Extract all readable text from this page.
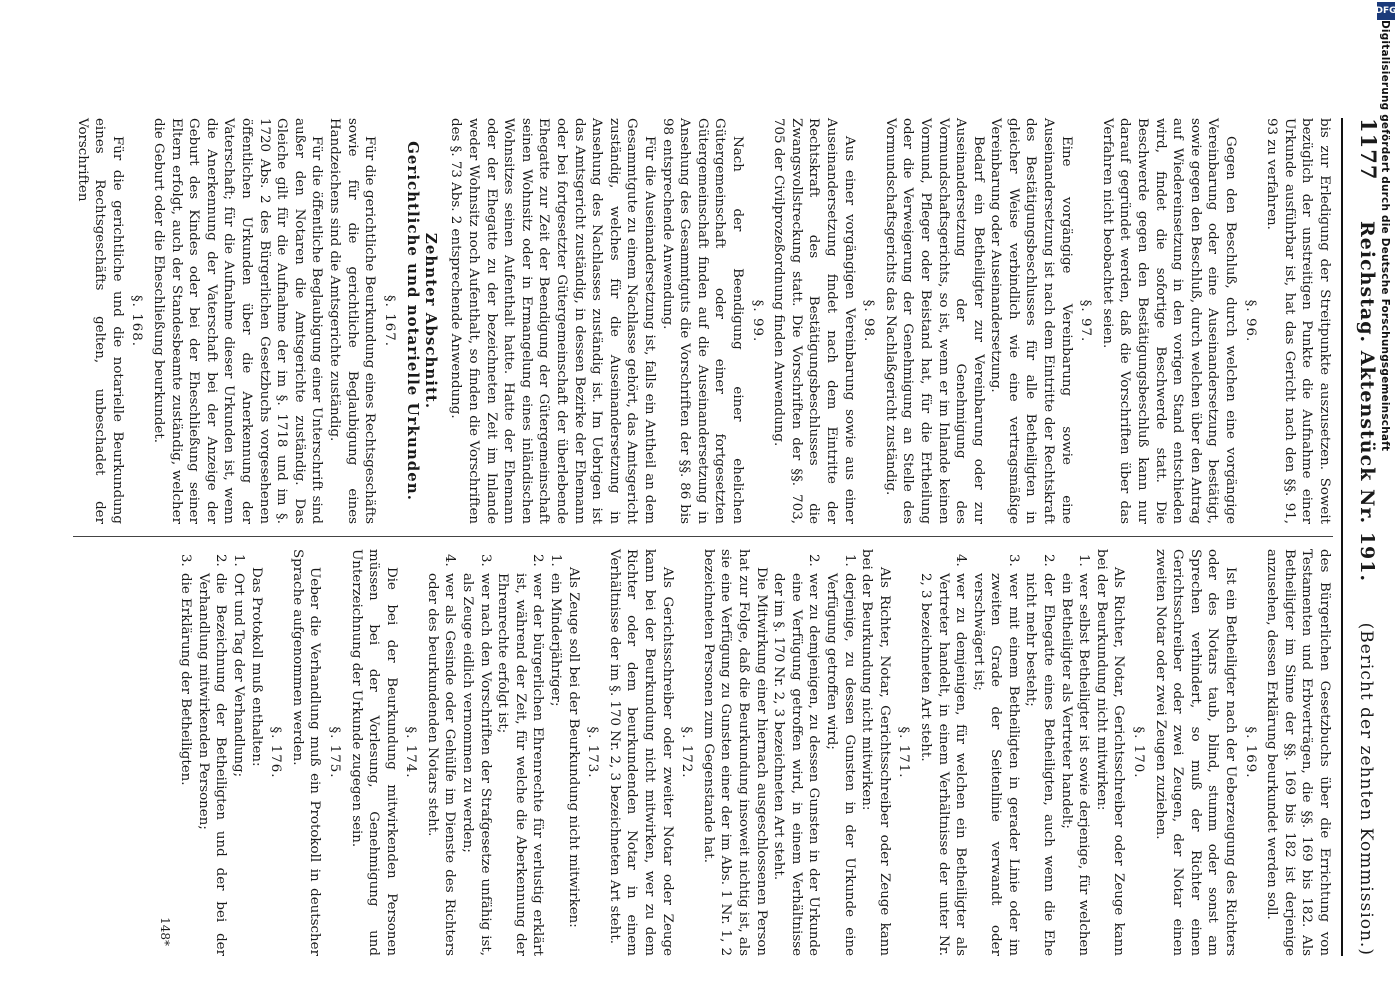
1177
Reichstag. Aktenstück Nr. 191.
(Bericht der zehnten Kommission.)

bis zur Erledigung der Streitpunkte auszusetzen. Soweit bezüglich der unstreitigen Punkte die Aufnahme einer Urkunde ausführbar ist, hat das Gericht nach den §§. 91, 93 zu verfahren.

§. 96.

Gegen den Beschluß, durch welchen eine vorgängige Vereinbarung oder eine Auseinandersetzung bestätigt, sowie gegen den Beschluß, durch welchen über den Antrag auf Wiedereinsetzung in den vorigen Stand entschieden wird, findet die sofortige Beschwerde statt. Die Beschwerde gegen den Bestätigungsbeschluß kann nur darauf gegründet werden, daß die Vorschriften über das Verfahren nicht beobachtet seien.

§. 97.

Eine vorgängige Vereinbarung sowie eine Auseinandersetzung ist nach dem Eintritte der Rechtskraft des Bestätigungsbeschlusses für alle Betheiligten in gleicher Weise verbindlich wie eine vertragsmäßige Vereinbarung oder Auseinandersetzung.

Bedarf ein Betheiligter zur Vereinbarung oder zur Auseinandersetzung der Genehmigung des Vormundschaftsgerichts, so ist, wenn er im Inlande keinen Vormund, Pfleger oder Beistand hat, für die Ertheilung oder die Verweigerung der Genehmigung an Stelle des Vormundschaftsgerichts das Nachlaßgericht zuständig.

§. 98.

Aus einer vorgängigen Vereinbarung sowie aus einer Auseinandersetzung findet nach dem Eintritte der Rechtskraft des Bestätigungsbeschlusses die Zwangsvollstreckung statt. Die Vorschriften der §§. 703, 705 der Civilprozeßordnung finden Anwendung.

§. 99.

Nach der Beendigung einer ehelichen Gütergemeinschaft oder einer fortgesetzten Gütergemeinschaft finden auf die Auseinandersetzung in Ansehung des Gesammtguts die Vorschriften der §§. 86 bis 98 entsprechende Anwendung.

Für die Auseinandersetzung ist, falls ein Antheil an dem Gesammtgute zu einem Nachlasse gehört, das Amtsgericht zuständig, welches für die Auseinandersetzung in Ansehung des Nachlasses zuständig ist. Im Uebrigen ist das Amtsgericht zuständig, in dessen Bezirke der Ehemann oder bei fortgesetzter Gütergemeinschaft der überlebende Ehegatte zur Zeit der Beendigung der Gütergemeinschaft seinen Wohnsitz oder in Ermangelung eines inländischen Wohnsitzes seinen Aufenthalt hatte. Hatte der Ehemann oder der Ehegatte zu der bezeichneten Zeit im Inlande weder Wohnsitz noch Aufenthalt, so finden die Vorschriften des §. 73 Abs. 2 entsprechende Anwendung.

Zehnter Abschnitt.
Gerichtliche und notarielle Urkunden.
§. 167.

Für die gerichtliche Beurkundung eines Rechtsgeschäfts sowie für die gerichtliche Beglaubigung eines Handzeichens sind die Amtsgerichte zuständig.

Für die öffentliche Beglaubigung einer Unterschrift sind außer den Notaren die Amtsgerichte zuständig. Das Gleiche gilt für die Aufnahme der im §. 1718 und im §. 1720 Abs. 2 des Bürgerlichen Gesetzbuchs vorgesehenen öffentlichen Urkunden über die Anerkennung der Vaterschaft; für die Aufnahme dieser Urkunden ist, wenn die Anerkennung der Vaterschaft bei der Anzeige der Geburt des Kindes oder bei der Eheschließung seiner Eltern erfolgt, auch der Standesbeamte zuständig, welcher die Geburt oder die Eheschließung beurkundet.

§. 168.

Für die gerichtliche und die notarielle Beurkundung eines Rechtsgeschäfts gelten, unbeschadet der Vorschriften

des Bürgerlichen Gesetzbuchs über die Errichtung von Testamenten und Erbverträgen, die §§. 169 bis 182. Als Betheiligter im Sinne der §§. 169 bis 182 ist derjenige anzusehen, dessen Erklärung beurkundet werden soll.

§. 169.

Ist ein Betheiligter nach der Ueberzeugung des Richters oder des Notars taub, blind, stumm oder sonst am Sprechen verhindert, so muß der Richter einen Gerichtsschreiber oder zwei Zeugen, der Notar einen zweiten Notar oder zwei Zeugen zuziehen.

§. 170.

Als Richter, Notar, Gerichtsschreiber oder Zeuge kann bei der Beurkundung nicht mitwirken:

1. wer selbst Betheiligter ist sowie derjenige, für welchen ein Betheiligter als Vertreter handelt;
2. der Ehegatte eines Betheiligten, auch wenn die Ehe nicht mehr besteht;
3. wer mit einem Betheiligten in gerader Linie oder im zweiten Grade der Seitenlinie verwandt oder verschwägert ist;
4. wer zu demjenigen, für welchen ein Betheiligter als Vertreter handelt, in einem Verhältnisse der unter Nr. 2, 3 bezeichneten Art steht.
§. 171.

Als Richter, Notar, Gerichtsschreiber oder Zeuge kann bei der Beurkundung nicht mitwirken:

1. derjenige, zu dessen Gunsten in der Urkunde eine Verfügung getroffen wird;
2. wer zu demjenigen, zu dessen Gunsten in der Urkunde eine Verfügung getroffen wird, in einem Verhältnisse der im §. 170 Nr. 2, 3 bezeichneten Art steht.

Die Mitwirkung einer hiernach ausgeschlossenen Person hat zur Folge, daß die Beurkundung insoweit nichtig ist, als sie eine Verfügung zu Gunsten einer der im Abs. 1 Nr. 1, 2 bezeichneten Personen zum Gegenstande hat.

§. 172.

Als Gerichtsschreiber oder zweiter Notar oder Zeuge kann bei der Beurkundung nicht mitwirken, wer zu dem Richter oder dem beurkundenden Notar in einem Verhältnisse der im §. 170 Nr. 2, 3 bezeichneten Art steht.

§. 173.

Als Zeuge soll bei der Beurkundung nicht mitwirken:

1. ein Minderjähriger;
2. wer der bürgerlichen Ehrenrechte für verlustig erklärt ist, während der Zeit, für welche die Aberkennung der Ehrenrechte erfolgt ist;
3. wer nach den Vorschriften der Strafgesetze unfähig ist, als Zeuge eidlich vernommen zu werden;
4. wer als Gesinde oder Gehülfe im Dienste des Richters oder des beurkundenden Notars steht.
§. 174.

Die bei der Beurkundung mitwirkenden Personen müssen bei der Vorlesung, Genehmigung und Unterzeichnung der Urkunde zugegen sein.

§. 175.

Ueber die Verhandlung muß ein Protokoll in deutscher Sprache aufgenommen werden.

§. 176.

Das Protokoll muß enthalten:

1. Ort und Tag der Verhandlung;
2. die Bezeichnung der Betheiligten und der bei der Verhandlung mitwirkenden Personen;
3. die Erklärung der Betheiligten.
148*
DFG
Digitalisierung gefördert durch die Deutsche Forschungsgemeinschaft
